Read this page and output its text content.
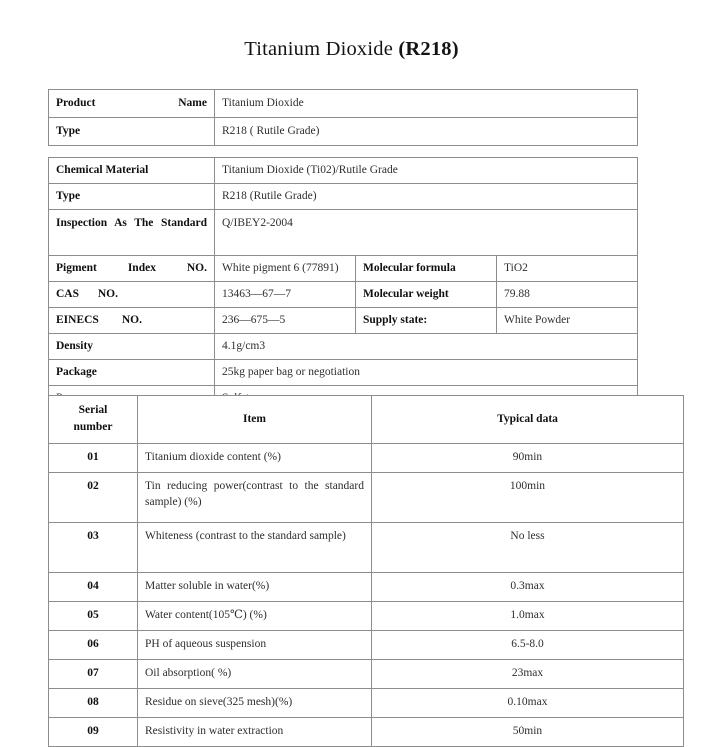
Titanium Dioxide (R218)
Product Name	Titanium Dioxide
Type	R218 ( Rutile Grade)
Chemical Material	Titanium Dioxide (Ti02)/Rutile Grade		
Type	R218 (Rutile Grade)		

Inspection As The Standard	Q/IBEY2-2004		

Pigment Index NO.	White pigment 6 (77891)	Molecular formula	TiO2

CAS NO.	13463—67—7	Molecular weight	79.88

EINECS NO.	236—675—5	Supply state:	White Powder
Density	4.1g/cm3		
Package	25kg paper bag or negotiation		

Serial
number	Item	Typical data
01	Titanium dioxide content (%)	90min
02	Tin reducing power(contrast to the standard sample) (%)	100min
03	Whiteness (contrast to the standard sample)	No less
04	Matter soluble in water(%)	0.3max
05	Water content(105℃) (%)	1.0max
06	PH of aqueous suspension	6.5-8.0
07	Oil absorption( %)	23max
08	Residue on sieve(325 mesh)(%)	0.10max
09	Resistivity in water extraction	50min
